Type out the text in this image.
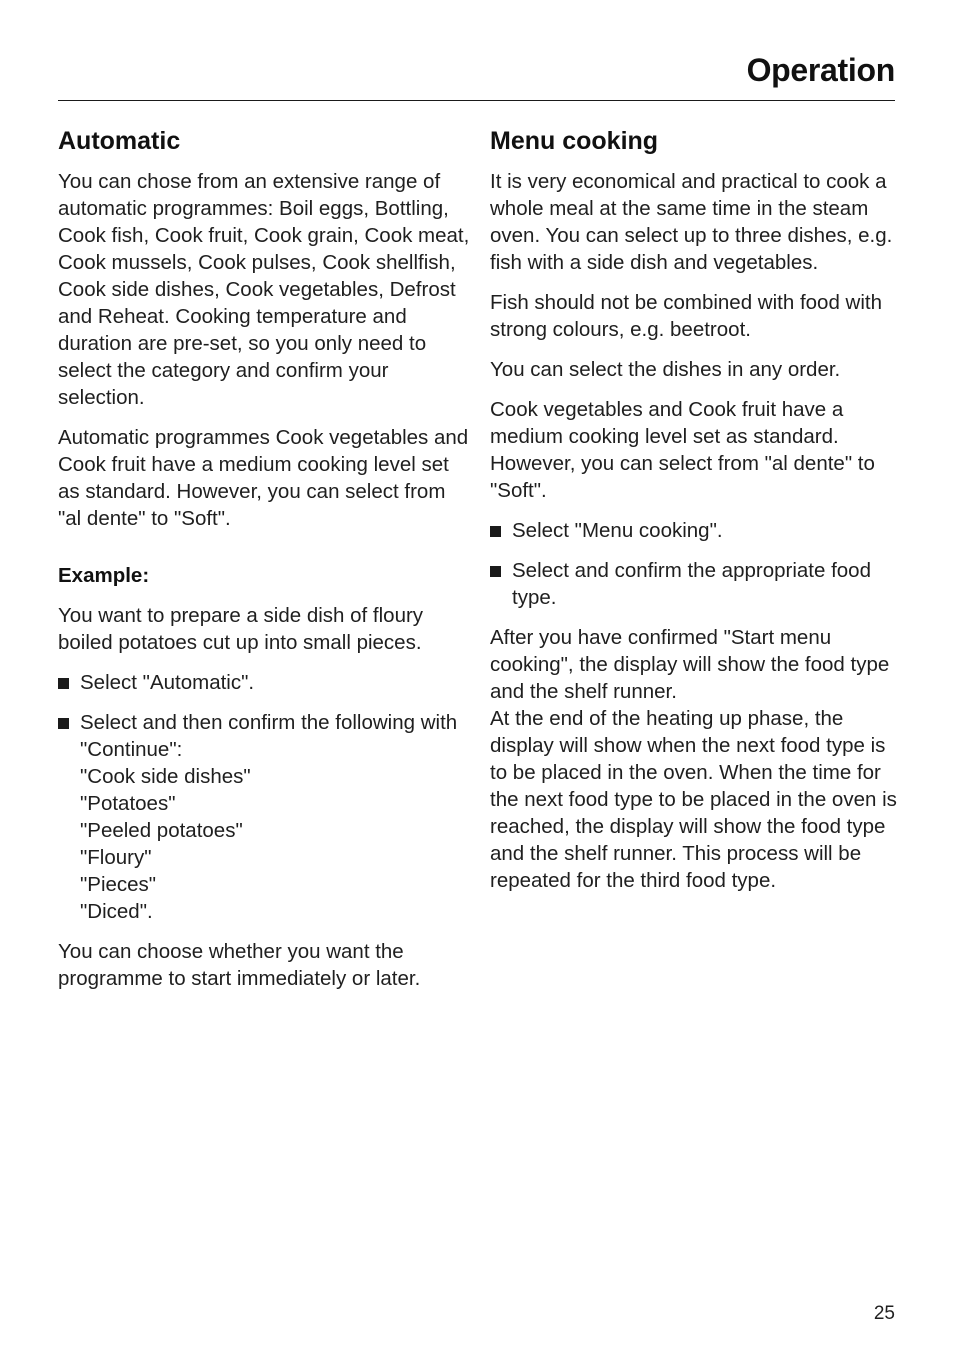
Operation
Automatic

You can chose from an extensive range of automatic programmes: Boil eggs, Bottling, Cook fish, Cook fruit, Cook grain, Cook meat, Cook mussels, Cook pulses, Cook shellfish, Cook side dishes, Cook vegetables, Defrost and Reheat. Cooking temperature and duration are pre-set, so you only need to select the category and confirm your selection.

Automatic programmes Cook vegetables and Cook fruit have a medium cooking level set as standard. However, you can select from "al dente" to "Soft".

Example:

You want to prepare a side dish of floury boiled potatoes cut up into small pieces.

Select "Automatic".
Select and then confirm the following with "Continue":
"Cook side dishes"
"Potatoes"
"Peeled potatoes"
"Floury"
"Pieces"
"Diced".

You can choose whether you want the programme to start immediately or later.

Menu cooking

It is very economical and practical to cook a whole meal at the same time in the steam oven. You can select up to three dishes, e.g. fish with a side dish and vegetables.

Fish should not be combined with food with strong colours, e.g. beetroot.

You can select the dishes in any order.

Cook vegetables and Cook fruit have a medium cooking level set as standard. However, you can select from "al dente" to "Soft".

Select "Menu cooking".
Select and confirm the appropriate food type.

After you have confirmed "Start menu cooking", the display will show the food type and the shelf runner.

At the end of the heating up phase, the display will show when the next food type is to be placed in the oven. When the time for the next food type to be placed in the oven is reached, the display will show the food type and the shelf runner. This process will be repeated for the third food type.

25
